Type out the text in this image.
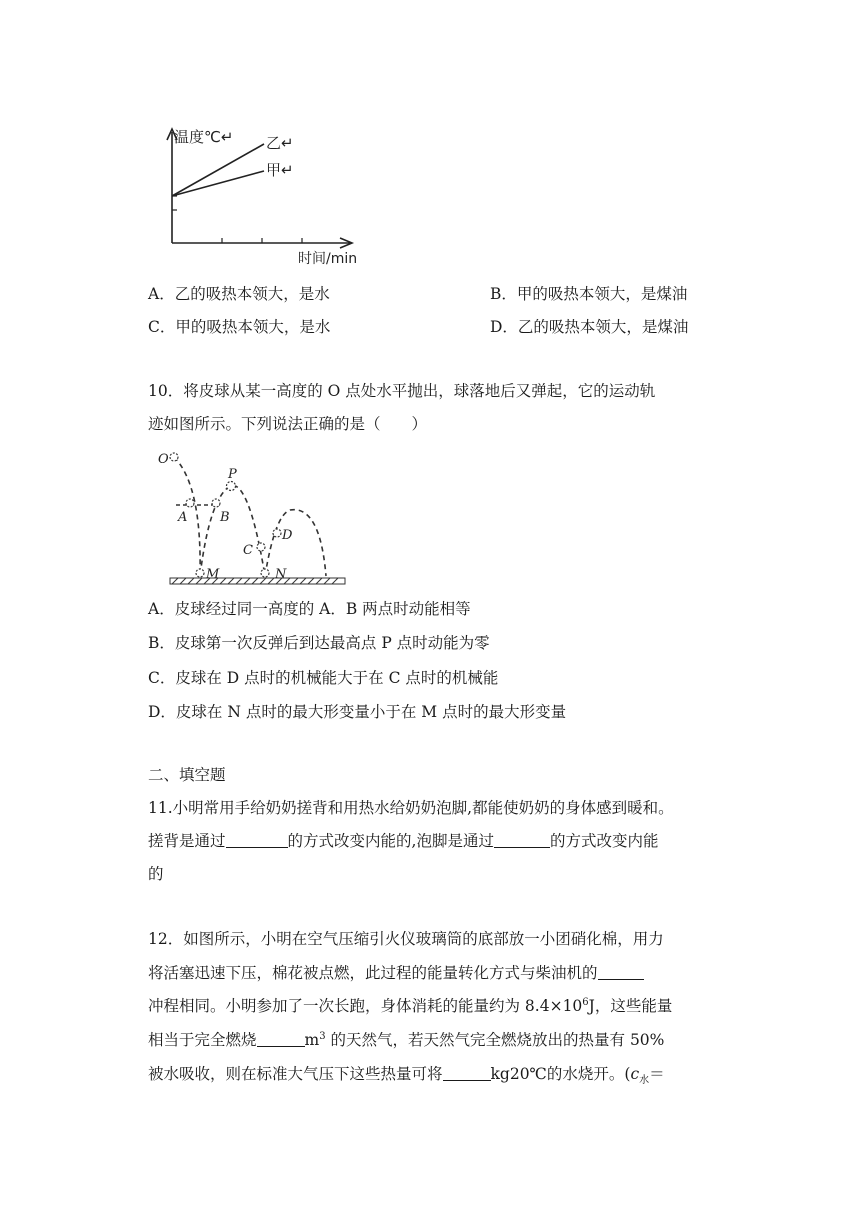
温度℃↵ 乙↵
甲↵
时间/min
A．乙的吸热本领大，是水	B．甲的吸热本领大，是煤油
C．甲的吸热本领大，是水	D．乙的吸热本领大，是煤油
10．将皮球从某一高度的 O 点处水平抛出，球落地后又弹起，它的运动轨
迹如图所示。下列说法正确的是（　　）
O
P
A	B
C
D
M	N
A．皮球经过同一高度的 A．B 两点时动能相等
B．皮球第一次反弹后到达最高点 P 点时动能为零
C．皮球在 D 点时的机械能大于在 C 点时的机械能
D．皮球在 N 点时的最大形变量小于在 M 点时的最大形变量
二、填空题
11.小明常用手给奶奶搓背和用热水给奶奶泡脚,都能使奶奶的身体感到暖和。
搓背是通过	的方式改变内能的,泡脚是通过	的方式改变内能
的
12．如图所示，小明在空气压缩引火仪玻璃筒的底部放一小团硝化棉，用力
将活塞迅速下压，棉花被点燃，此过程的能量转化方式与柴油机的
冲程相同。小明参加了一次长跑，身体消耗的能量约为 $8.4\times 10^6J$，这些能量
相当于完全燃烧	$m^3$ 的天然气，若天然气完全燃烧放出的热量有 50%
被水吸收，则在标准大气压下这些热量可将	kg20℃的水烧开。($c_水=$
